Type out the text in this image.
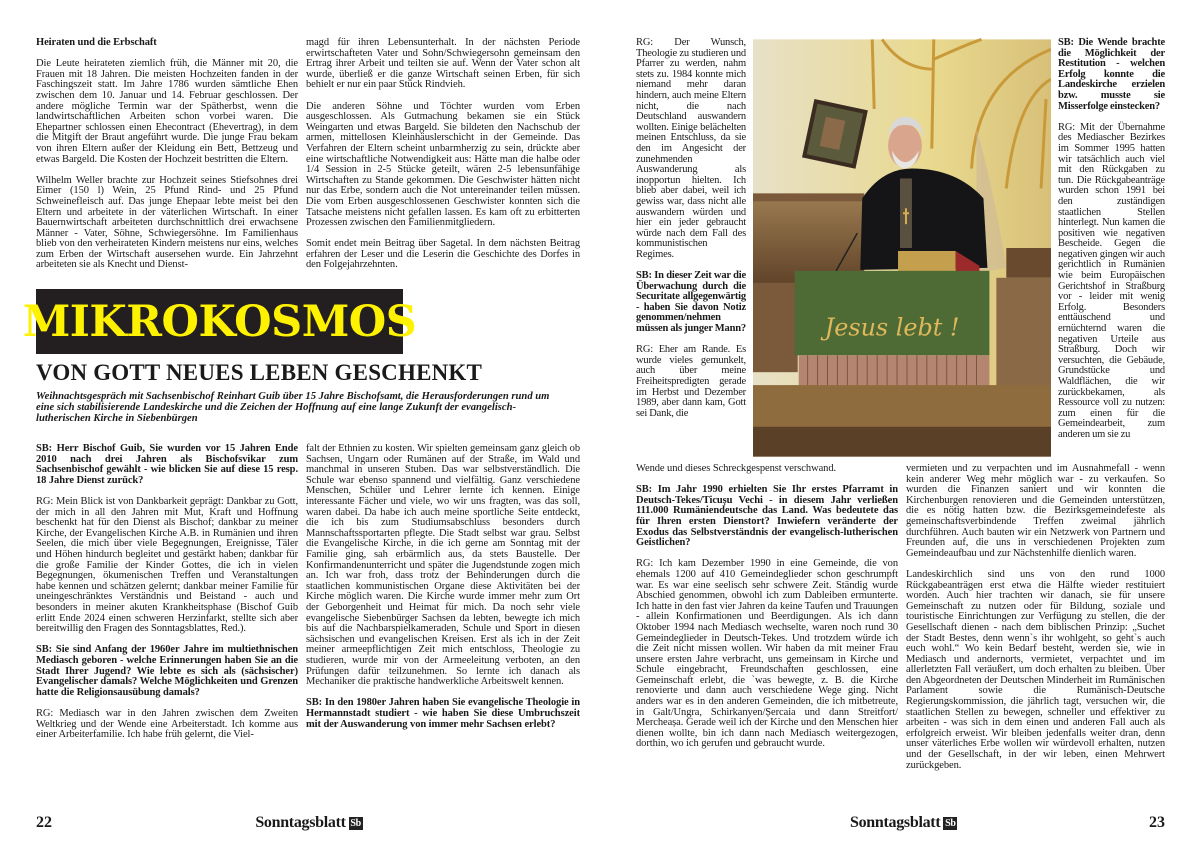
Heiraten und die Erbschaft

Die Leute heirateten ziemlich früh, die Männer mit 20, die Frauen mit 18 Jahren. Die meisten Hochzeiten fanden in der Faschingszeit statt. Im Jahre 1786 wurden sämtliche Ehen zwischen dem 10. Januar und 14. Februar geschlossen. Der andere mögliche Termin war der Spätherbst, wenn die landwirtschaftlichen Arbeiten schon vorbei waren. Die Ehepartner schlossen einen Ehecontract (Ehevertrag), in dem die Mitgift der Braut angeführt wurde. Die junge Frau bekam von ihren Eltern außer der Kleidung ein Bett, Bettzeug und etwas Bargeld. Die Kosten der Hochzeit bestritten die Eltern.

Wilhelm Weller brachte zur Hochzeit seines Stiefsohnes drei Eimer (150 l) Wein, 25 Pfund Rind- und 25 Pfund Schweinefleisch auf. Das junge Ehepaar lebte meist bei den Eltern und arbeitete in der väterlichen Wirtschaft. In einer Bauernwirtschaft arbeiteten durchschnittlich drei erwachsene Männer - Vater, Söhne, Schwiegersöhne. Im Familienhaus blieb von den verheirateten Kindern meistens nur eins, welches zum Erben der Wirtschaft ausersehen wurde. Ein Jahrzehnt arbeiteten sie als Knecht und Dienst-

magd für ihren Lebensunterhalt. In der nächsten Periode erwirtschafteten Vater und Sohn/Schwiegersohn gemeinsam den Ertrag ihrer Arbeit und teilten sie auf. Wenn der Vater schon alt wurde, überließ er die ganze Wirtschaft seinen Erben, für sich behielt er nur ein paar Stück Rindvieh.

Die anderen Söhne und Töchter wurden vom Erben ausgeschlossen. Als Gutmachung bekamen sie ein Stück Weingarten und etwas Bargeld. Sie bildeten den Nachschub der armen, mittellosen Kleinhäuslerschicht in der Gemeinde. Das Verfahren der Eltern scheint unbarmherzig zu sein, drückte aber eine wirtschaftliche Notwendigkeit aus: Hätte man die halbe oder 1/4 Session in 2-5 Stücke geteilt, wären 2-5 lebensunfähige Wirtschaften zu Stande gekommen. Die Geschwister hätten nicht nur das Erbe, sondern auch die Not untereinander teilen müssen. Die vom Erben ausgeschlossenen Geschwister konnten sich die Tatsache meistens nicht gefallen lassen. Es kam oft zu erbitterten Prozessen zwischen den Familienmitgliedern.

Somit endet mein Beitrag über Sagetal. In dem nächsten Beitrag erfahren der Leser und die Leserin die Geschichte des Dorfes in den Folgejahrzehnten.

MIKROKOSMOS
VON GOTT NEUES LEBEN GESCHENKT
Weihnachtsgespräch mit Sachsenbischof Reinhart Guib über 15 Jahre Bischofsamt, die Herausforderungen rund um eine sich stabilisierende Landeskirche und die Zeichen der Hoffnung auf eine lange Zukunft der evangelisch-lutherischen Kirche in Siebenbürgen

SB: Herr Bischof Guib, Sie wurden vor 15 Jahren Ende 2010 nach drei Jahren als Bischofsvikar zum Sachsenbischof gewählt - wie blicken Sie auf diese 15 resp. 18 Jahre Dienst zurück?

RG: Mein Blick ist von Dankbarkeit geprägt: Dankbar zu Gott, der mich in all den Jahren mit Mut, Kraft und Hoffnung beschenkt hat für den Dienst als Bischof; dankbar zu meiner Kirche, der Evangelischen Kirche A.B. in Rumänien und ihren Seelen, die mich über viele Begegnungen, Ereignisse, Täler und Höhen hindurch begleitet und gestärkt haben; dankbar für die große Familie der Kinder Gottes, die ich in vielen Begegnungen, ökumenischen Treffen und Veranstaltungen habe kennen und schätzen gelernt; dankbar meiner Familie für uneingeschränktes Verständnis und Beistand - auch und besonders in meiner akuten Krankheitsphase (Bischof Guib erlitt Ende 2024 einen schweren Herzinfarkt, stellte sich aber bereitwillig den Fragen des Sonntagsblattes, Red.).

SB: Sie sind Anfang der 1960er Jahre im multiethnischen Mediasch geboren - welche Erinnerungen haben Sie an die Stadt Ihrer Jugend? Wie lebte es sich als (sächsischer) Evangelischer damals? Welche Möglichkeiten und Grenzen hatte die Religionsausübung damals?

RG: Mediasch war in den Jahren zwischen dem Zweiten Weltkrieg und der Wende eine Arbeiterstadt. Ich komme aus einer Arbeiterfamilie. Ich habe früh gelernt, die Viel-

falt der Ethnien zu kosten. Wir spielten gemeinsam ganz gleich ob Sachsen, Ungarn oder Rumänen auf der Straße, im Wald und manchmal in unseren Stuben. Das war selbstverständlich. Die Schule war ebenso spannend und vielfältig. Ganz verschiedene Menschen, Schüler und Lehrer lernte ich kennen. Einige interessante Fächer und viele, wo wir uns fragten, was das soll, waren dabei. Da habe ich auch meine sportliche Seite entdeckt, die ich bis zum Studiumsabschluss besonders durch Mannschaftssportarten pflegte. Die Stadt selbst war grau. Selbst die Evangelische Kirche, in die ich gerne am Sonntag mit der Familie ging, sah erbärmlich aus, da stets Baustelle. Der Konfirmandenunterricht und später die Jugendstunde zogen mich an. Ich war froh, dass trotz der Behinderungen durch die staatlichen kommunistischen Organe diese Aktivitäten bei der Kirche möglich waren. Die Kirche wurde immer mehr zum Ort der Geborgenheit und Heimat für mich. Da noch sehr viele evangelische Siebenbürger Sachsen da lebten, bewegte ich mich bis auf die Nachbarspielkameraden, Schule und Sport in diesen sächsischen und evangelischen Kreisen. Erst als ich in der Zeit meiner armeepflichtigen Zeit mich entschloss, Theologie zu studieren, wurde mir von der Armeeleitung verboten, an den Prüfungen dafür teilzunehmen. So lernte ich danach als Mechaniker die praktische handwerkliche Arbeitswelt kennen.

SB: In den 1980er Jahren haben Sie evangelische Theologie in Hermannstadt studiert - wie haben Sie diese Umbruchszeit mit der Auswanderung von immer mehr Sachsen erlebt?

22	Sonntagsblatt Sb

RG: Der Wunsch, Theologie zu studieren und Pfarrer zu werden, nahm stets zu. 1984 konnte mich niemand mehr daran hindern, auch meine Eltern nicht, die nach Deutschland auswandern wollten. Einige belächelten meinen Entschluss, da sie den im Angesicht der zunehmenden Auswanderung als inopportun hielten. Ich blieb aber dabei, weil ich gewiss war, dass nicht alle auswandern würden und hier ein jeder gebraucht würde nach dem Fall des kommunistischen Regimes.

SB: In dieser Zeit war die Überwachung durch die Securitate allgegenwärtig - haben Sie davon Notiz genommen/nehmen müssen als junger Mann?

RG: Eher am Rande. Es wurde vieles gemunkelt, auch über meine Freiheitspredigten gerade im Herbst und Dezember 1989, aber dann kam, Gott sei Dank, die

Jesus lebt !

SB: Die Wende brachte die Möglichkeit der Restitution - welchen Erfolg konnte die Landeskirche erzielen bzw. musste sie Misserfolge einstecken?

RG: Mit der Übernahme des Mediascher Bezirkes im Sommer 1995 hatten wir tatsächlich auch viel mit den Rückgaben zu tun. Die Rückgabeanträge wurden schon 1991 bei den zuständigen staatlichen Stellen hinterlegt. Nun kamen die positiven wie negativen Bescheide. Gegen die negativen gingen wir auch gerichtlich in Rumänien wie beim Europäischen Gerichtshof in Straßburg vor - leider mit wenig Erfolg. Besonders enttäuschend und ernüchternd waren die negativen Urteile aus Straßburg. Doch wir versuchten, die Gebäude, Grundstücke und Waldflächen, die wir zurückbekamen, als Ressource voll zu nutzen: zum einen für die Gemeindearbeit, zum anderen um sie zu

Wende und dieses Schreckgespenst verschwand.

SB: Im Jahr 1990 erhielten Sie Ihr erstes Pfarramt in Deutsch-Tekes/Ticușu Vechi - in diesem Jahr verließen 111.000 Rumäniendeutsche das Land. Was bedeutete das für Ihren ersten Dienstort? Inwiefern veränderte der Exodus das Selbstverständnis der evangelisch-lutherischen Geistlichen?

RG: Ich kam Dezember 1990 in eine Gemeinde, die von ehemals 1200 auf 410 Gemeindeglieder schon geschrumpft war. Es war eine seelisch sehr schwere Zeit. Ständig wurde Abschied genommen, obwohl ich zum Dableiben ermunterte. Ich hatte in den fast vier Jahren da keine Taufen und Trauungen - allein Konfirmationen und Beerdigungen. Als ich dann Oktober 1994 nach Mediasch wechselte, waren noch rund 30 Gemeindeglieder in Deutsch-Tekes. Und trotzdem würde ich die Zeit nicht missen wollen. Wir haben da mit meiner Frau unsere ersten Jahre verbracht, uns gemeinsam in Kirche und Schule eingebracht, Freundschaften geschlossen, eine Gemeinschaft erlebt, die `was bewegte, z. B. die Kirche renovierte und dann auch verschiedene Wege ging. Nicht anders war es in den anderen Gemeinden, die ich mitbetreute, in Galt/Ungra, Schirkanyen/Șercaia und dann Streitfort/ Mercheașa. Gerade weil ich der Kirche und den Menschen hier dienen wollte, bin ich dann nach Mediasch weitergezogen, dorthin, wo ich gerufen und gebraucht wurde.

vermieten und zu verpachten und im Ausnahmefall - wenn kein anderer Weg mehr möglich war - zu verkaufen. So wurden die Finanzen saniert und wir konnten die Kirchenburgen renovieren und die Gemeinden unterstützen, die es nötig hatten bzw. die Bezirksgemeindefeste als gemeinschaftsverbindende Treffen zweimal jährlich durchführen. Auch bauten wir ein Netzwerk von Partnern und Freunden auf, die uns in verschiedenen Projekten zum Gemeindeaufbau und zur Nächstenhilfe dienlich waren.

Landeskirchlich sind uns von den rund 1000 Rückgabeanträgen erst etwa die Hälfte wieder restituiert worden. Auch hier trachten wir danach, sie für unsere Gemeinschaft zu nutzen oder für Bildung, soziale und touristische Einrichtungen zur Verfügung zu stellen, die der Gesellschaft dienen - nach dem biblischen Prinzip: „Suchet der Stadt Bestes, denn wenn`s ihr wohlgeht, so geht`s auch euch wohl.“ Wo kein Bedarf besteht, werden sie, wie in Mediasch und andernorts, vermietet, verpachtet und im allerletzten Fall veräußert, um doch erhalten zu bleiben. Über den Abgeordneten der Deutschen Minderheit im Rumänischen Parlament sowie die Rumänisch-Deutsche Regierungskommission, die jährlich tagt, versuchen wir, die staatlichen Stellen zu bewegen, schneller und effektiver zu arbeiten - was sich in dem einen und anderen Fall auch als erfolgreich erweist. Wir bleiben jedenfalls weiter dran, denn unser väterliches Erbe wollen wir würdevoll erhalten, nutzen und der Gesellschaft, in der wir leben, einen Mehrwert zurückgeben.

Sonntagsblatt Sb	23
